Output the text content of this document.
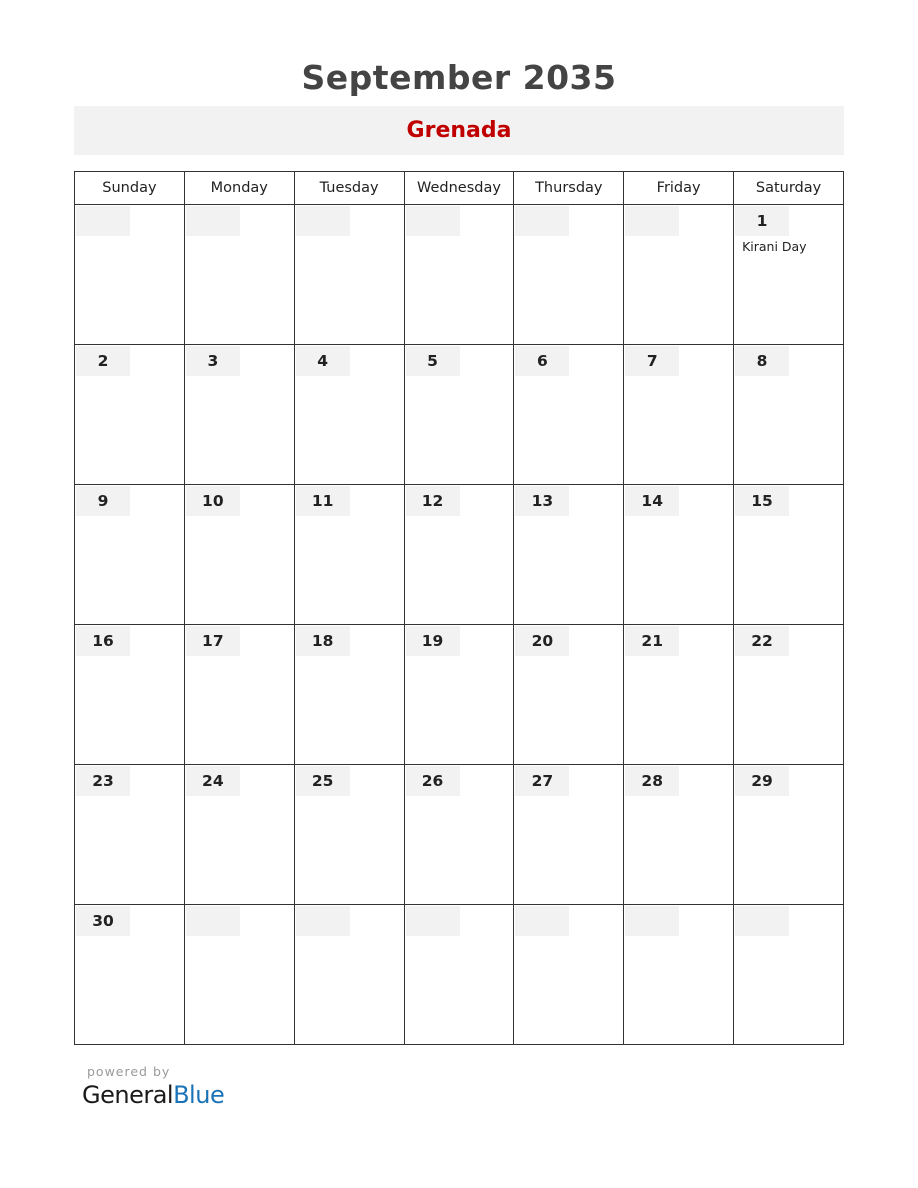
September 2035
Grenada
Sunday	Monday	Tuesday	Wednesday	Thursday	Friday	Saturday

						1
Kirani Day

2	3	4	5	6	7	8

9	10	11	12	13	14	15

16	17	18	19	20	21	22

23	24	25	26	27	28	29

30						

powered by
GeneralBlue
